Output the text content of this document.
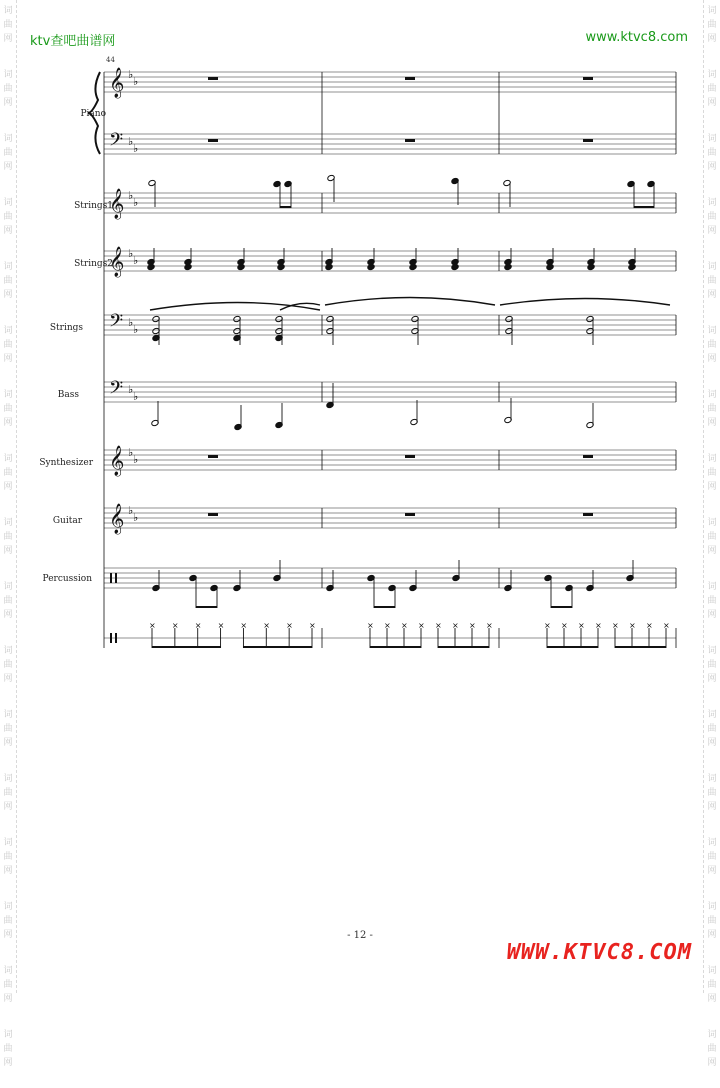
词
曲
网
词
曲
网
词
曲
网
词
曲
网
词
曲
网
词
曲
网
词
曲
网
词
曲
网
词
曲
网
词
曲
网
词
曲
网
词
曲
网
词
曲
网
词
曲
网
词
曲
网
词
曲
网
词
曲
网
词
曲
网
词
曲
网
词
曲
网
词
曲
网
词
曲
网
词
曲
网
词
曲
网
词
曲
网
词
曲
网
词
曲
网
词
曲
网
词
曲
网
词
曲
网
词
曲
网
词
曲
网
词
曲
网
词
曲
网
ktv查吧曲谱网	www.ktvc8.com
44
Piano
Strings1
Strings2
Strings
Bass
Synthesizer
Guitar
Percussion
𝄞
𝄢
𝄞
𝄞
𝄢
𝄢
𝄞
𝄞
♭
♭
♭
♭
♭
♭
♭
♭
♭
♭
♭
♭
♭
♭
♭
♭
× × × × × × × ×	× × × × × × × ×	× × × × × × × ×
- 12 -
WWW.KTVC8.COM
